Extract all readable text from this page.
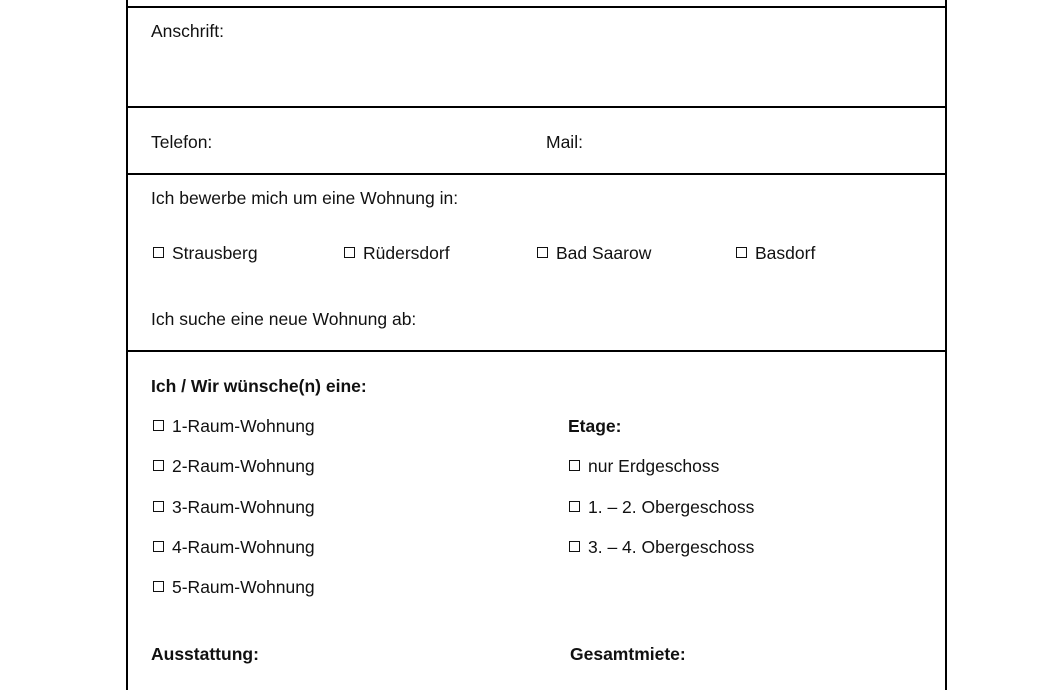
Anschrift:
Telefon:	Mail:
Ich bewerbe mich um eine Wohnung in:
Strausberg	Rüdersdorf	Bad Saarow	Basdorf
Ich suche eine neue Wohnung ab:
Ich / Wir wünsche(n) eine:
1-Raum-Wohnung
2-Raum-Wohnung
3-Raum-Wohnung
4-Raum-Wohnung
5-Raum-Wohnung
Etage:
nur Erdgeschoss
1. – 2. Obergeschoss
3. – 4. Obergeschoss
Ausstattung:	Gesamtmiete:
